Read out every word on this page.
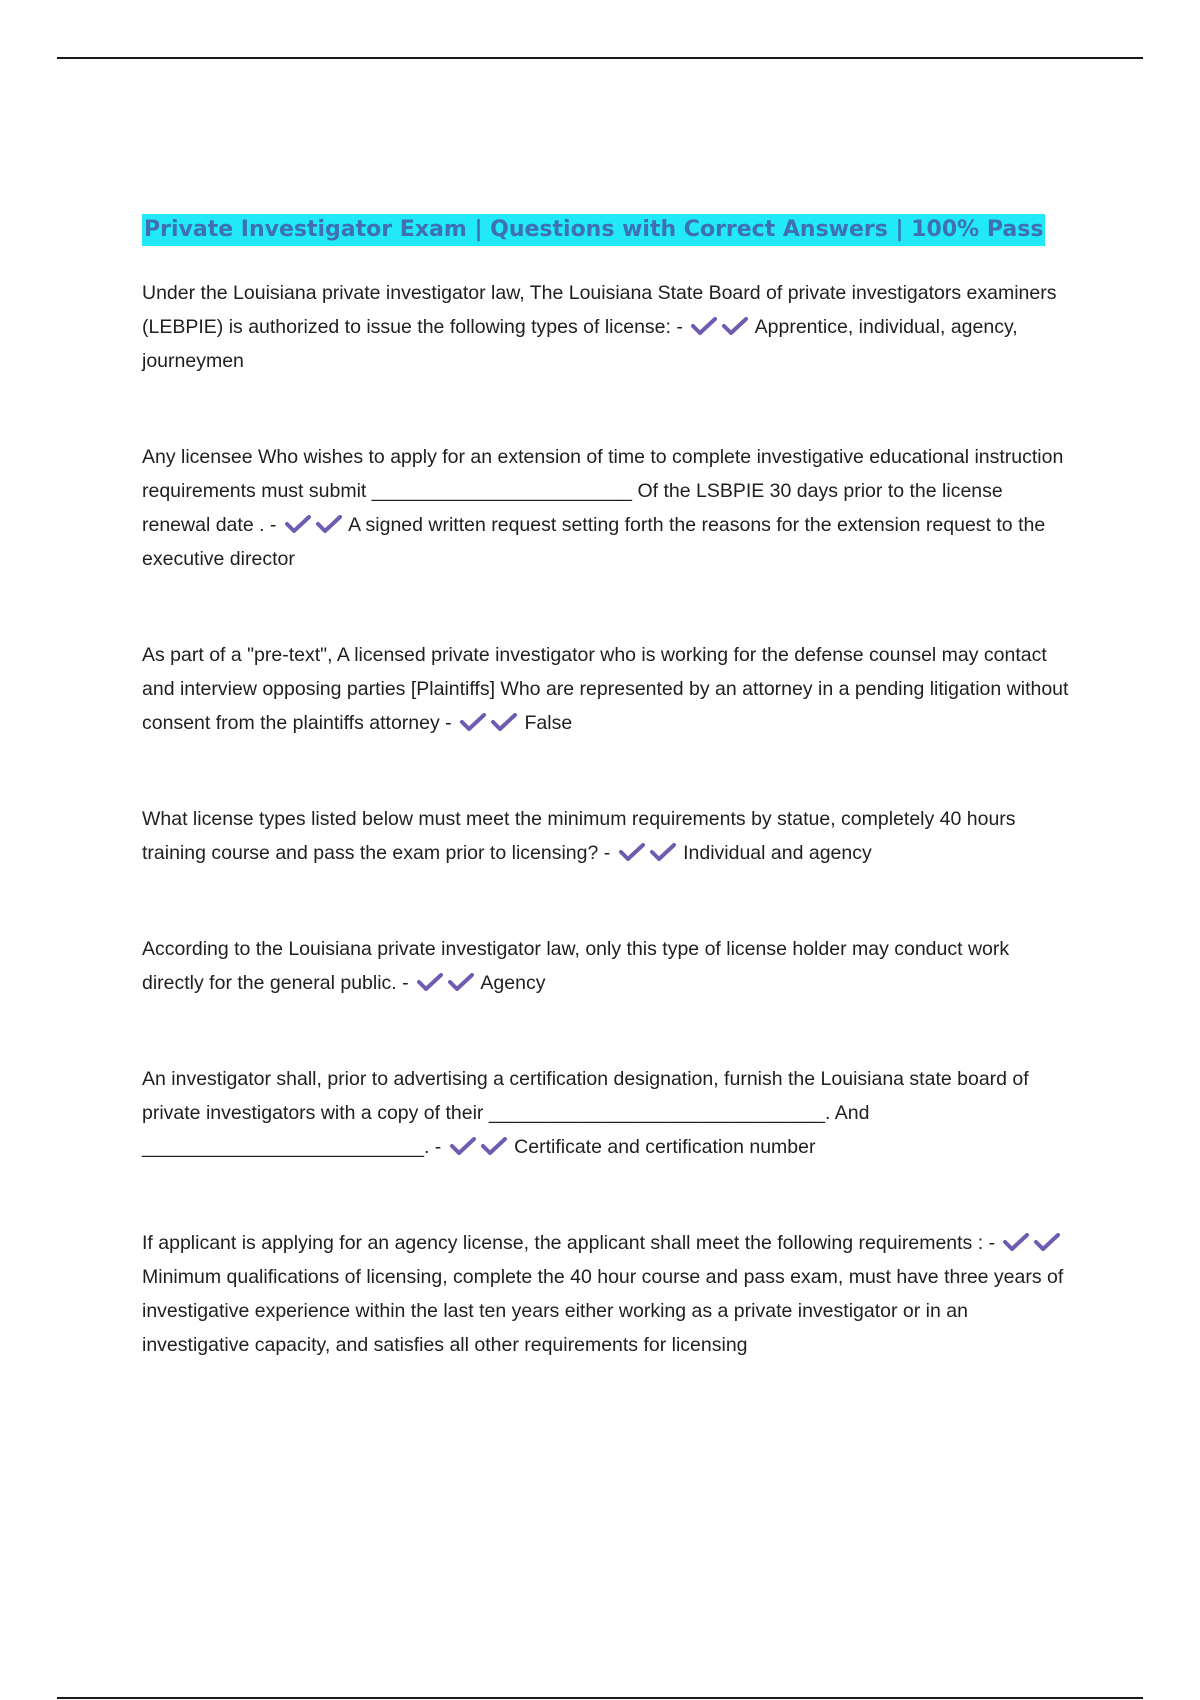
Private Investigator Exam | Questions with Correct Answers | 100% Pass
Under the Louisiana private investigator law, The Louisiana State Board of private investigators examiners (LEBPIE) is authorized to issue the following types of license: -	Apprentice, individual, agency, journeymen
Any licensee Who wishes to apply for an extension of time to complete investigative educational instruction requirements must submit ________________________ Of the LSBPIE 30 days prior to the license renewal date . -	A signed written request setting forth the reasons for the extension request to the executive director
As part of a "pre-text", A licensed private investigator who is working for the defense counsel may contact and interview opposing parties [Plaintiffs] Who are represented by an attorney in a pending litigation without consent from the plaintiffs attorney -	False
What license types listed below must meet the minimum requirements by statue, completely 40 hours training course and pass the exam prior to licensing? -	Individual and agency
According to the Louisiana private investigator law, only this type of license holder may conduct work directly for the general public. -	Agency
An investigator shall, prior to advertising a certification designation, furnish the Louisiana state board of private investigators with a copy of their _______________________________. And __________________________. -	Certificate and certification number
If applicant is applying for an agency license, the applicant shall meet the following requirements : -
Minimum qualifications of licensing, complete the 40 hour course and pass exam, must have three years of investigative experience within the last ten years either working as a private investigator or in an investigative capacity, and satisfies all other requirements for licensing
